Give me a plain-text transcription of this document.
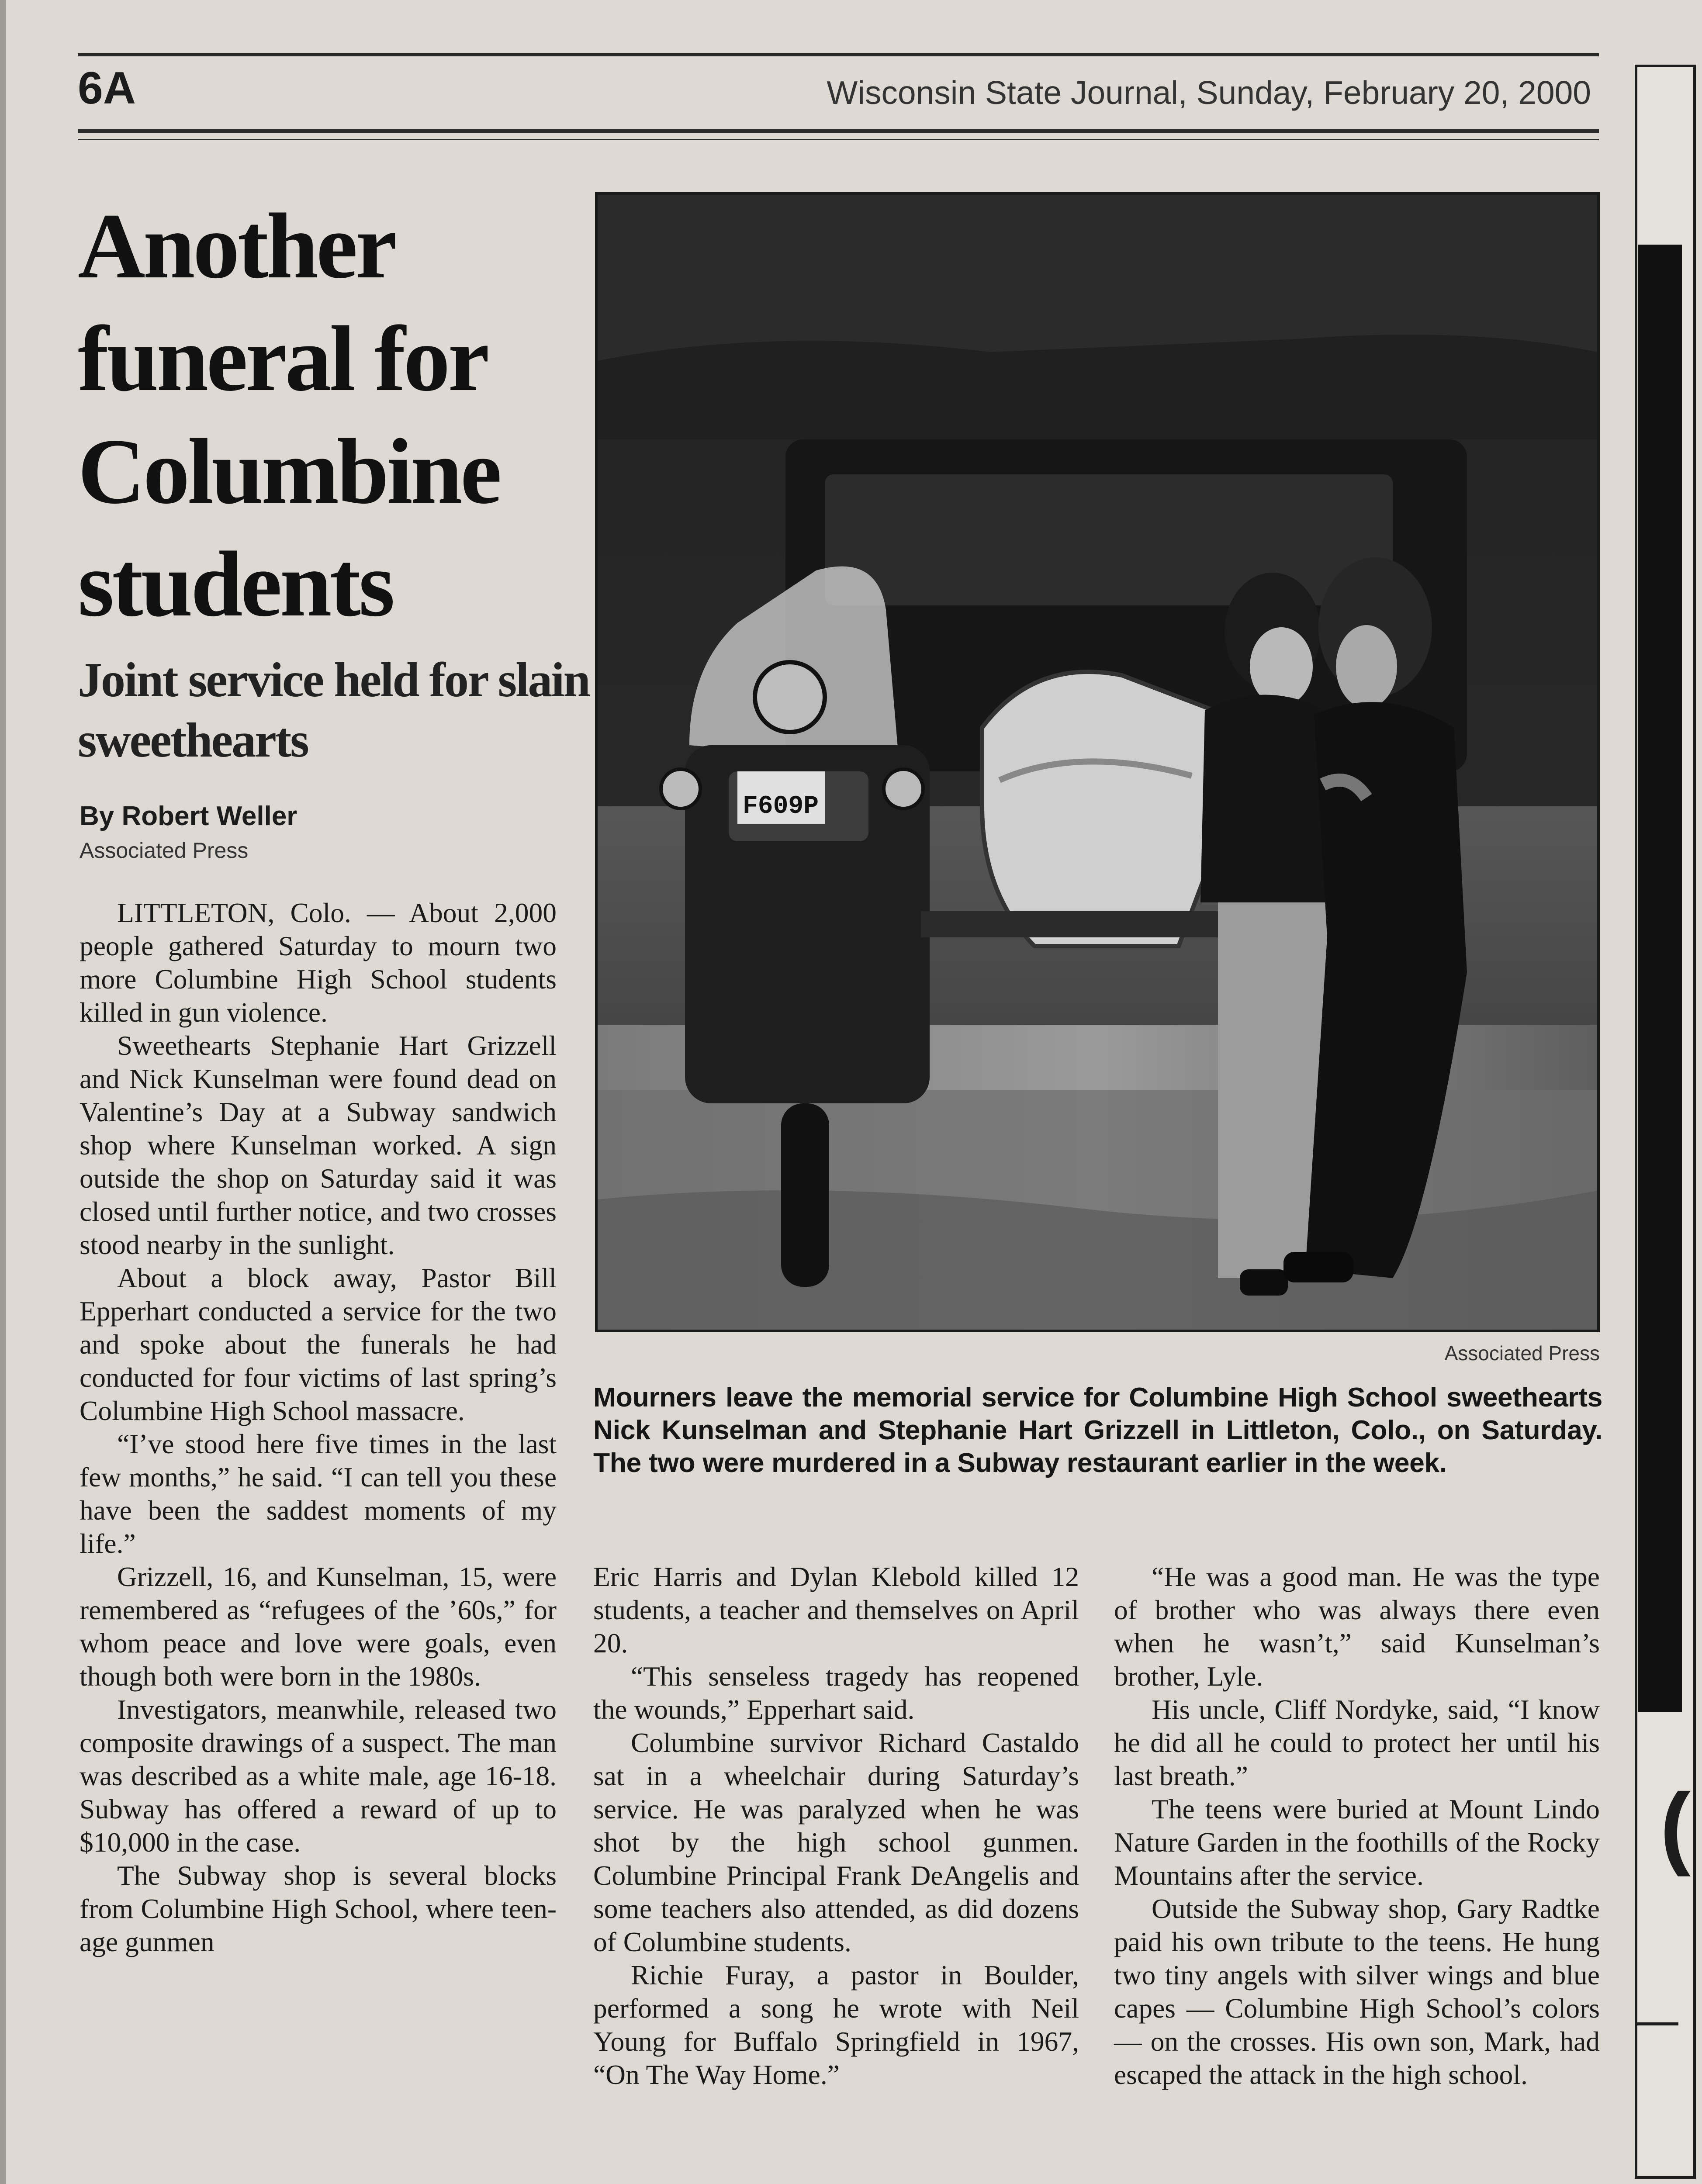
6A	Wisconsin State Journal, Sunday, February 20, 2000
Another funeral for Columbine students
Joint service held for slain sweethearts
By Robert Weller
Associated Press

LITTLETON, Colo. — About 2,000 people gathered Saturday to mourn two more Columbine High School students killed in gun violence.

Sweethearts Stephanie Hart Grizzell and Nick Kunselman were found dead on Valentine’s Day at a Subway sandwich shop where Kunselman worked. A sign outside the shop on Saturday said it was closed until further notice, and two crosses stood nearby in the sunlight.

About a block away, Pastor Bill Epperhart conducted a service for the two and spoke about the funerals he had conducted for four victims of last spring’s Columbine High School massacre.

“I’ve stood here five times in the last few months,” he said. “I can tell you these have been the saddest moments of my life.”

Grizzell, 16, and Kunselman, 15, were remembered as “refugees of the ’60s,” for whom peace and love were goals, even though both were born in the 1980s.

Investigators, meanwhile, released two composite drawings of a suspect. The man was described as a white male, age 16-18. Subway has offered a reward of up to $10,000 in the case.

The Subway shop is several blocks from Columbine High School, where teen-age gunmen

F609P
Associated Press

Mourners leave the memorial service for Columbine High School sweethearts Nick Kunselman and Stephanie Hart Grizzell in Littleton, Colo., on Saturday. The two were murdered in a Subway restaurant earlier in the week.

Eric Harris and Dylan Klebold killed 12 students, a teacher and themselves on April 20.

“This senseless tragedy has reopened the wounds,” Epperhart said.

Columbine survivor Richard Castaldo sat in a wheelchair during Saturday’s service. He was paralyzed when he was shot by the high school gunmen. Columbine Principal Frank DeAngelis and some teachers also attended, as did dozens of Columbine students.

Richie Furay, a pastor in Boulder, performed a song he wrote with Neil Young for Buffalo Springfield in 1967, “On The Way Home.”

“He was a good man. He was the type of brother who was always there even when he wasn’t,” said Kunselman’s brother, Lyle.

His uncle, Cliff Nordyke, said, “I know he did all he could to protect her until his last breath.”

The teens were buried at Mount Lindo Nature Garden in the foothills of the Rocky Mountains after the service.

Outside the Subway shop, Gary Radtke paid his own tribute to the teens. He hung two tiny angels with silver wings and blue capes — Columbine High School’s colors — on the crosses. His own son, Mark, had escaped the attack in the high school.

(
